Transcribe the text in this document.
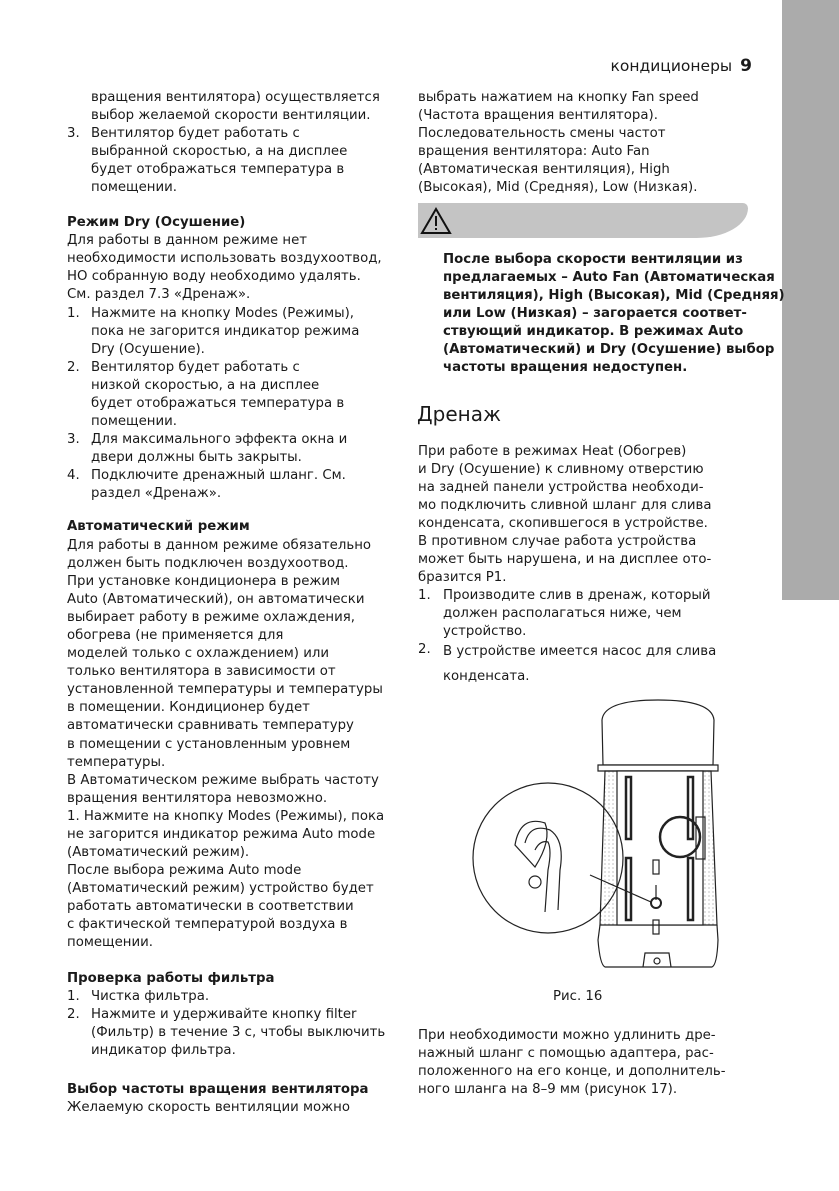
кондиционеры 9
вращения вентилятора) осуществляется
выбор желаемой скорости вентиляции.
3. Вентилятор будет работать с
выбранной скоростью, а на дисплее
будет отображаться температура в
помещении.
Режим Dry (Осушение)
Для работы в данном режиме нет
необходимости использовать воздухоотвод,
НО собранную воду необходимо удалять.
См. раздел 7.3 «Дренаж».
1. Нажмите на кнопку Modes (Режимы),
пока не загорится индикатор режима
Dry (Осушение).
2. Вентилятор будет работать с
низкой скоростью, а на дисплее
будет отображаться температура в
помещении.
3. Для максимального эффекта окна и
двери должны быть закрыты.
4. Подключите дренажный шланг. См.
раздел «Дренаж».
Автоматический режим
Для работы в данном режиме обязательно
должен быть подключен воздухоотвод.
При установке кондиционера в режим
Auto (Автоматический), он автоматически
выбирает работу в режиме охлаждения,
обогрева (не применяется для
моделей только с охлаждением) или
только вентилятора в зависимости от
установленной температуры и температуры
в помещении. Кондиционер будет
автоматически сравнивать температуру
в помещении с установленным уровнем
температуры.
В Автоматическом режиме выбрать частоту
вращения вентилятора невозможно.
1. Нажмите на кнопку Modes (Режимы), пока
не загорится индикатор режима Auto mode
(Автоматический режим).
После выбора режима Auto mode
(Автоматический режим) устройство будет
работать автоматически в соответствии
с фактической температурой воздуха в
помещении.
Проверка работы фильтра
1. Чистка фильтра.
2. Нажмите и удерживайте кнопку filter
(Фильтр) в течение 3 с, чтобы выключить
индикатор фильтра.
Выбор частоты вращения вентилятора
Желаемую скорость вентиляции можно
выбрать нажатием на кнопку Fan speed
(Частота вращения вентилятора).
Последовательность смены частот
вращения вентилятора: Auto Fan
(Автоматическая вентиляция), High
(Высокая), Mid (Средняя), Low (Низкая).
После выбора скорости вентиляции из
предлагаемых – Auto Fan (Автоматическая
вентиляция), High (Высокая), Mid (Средняя)
или Low (Низкая) – загорается соответ-
ствующий индикатор. В режимах Auto
(Автоматический) и Dry (Осушение) выбор
частоты вращения недоступен.
Дренаж
При работе в режимах Heat (Обогрев)
и Dry (Осушение) к сливному отверстию
на задней панели устройства необходи-
мо подключить сливной шланг для слива
конденсата, скопившегося в устройстве.
В противном случае работа устройства
может быть нарушена, и на дисплее ото-
бразится P1.
1. Производите слив в дренаж, который
должен располагаться ниже, чем
устройство.
2. В устройстве имеется насос для слива
конденсата.
Рис. 16
При необходимости можно удлинить дре-
нажный шланг с помощью адаптера, рас-
положенного на его конце, и дополнитель-
ного шланга на 8–9 мм (рисунок 17).
